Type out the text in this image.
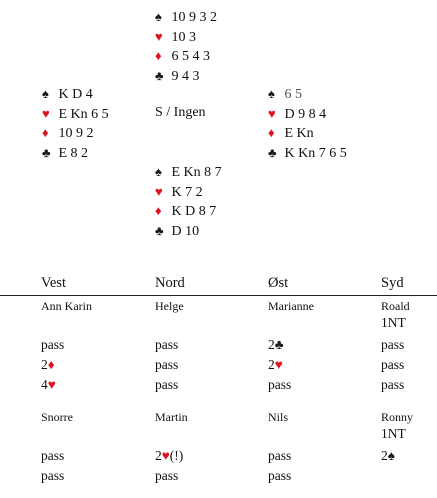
♠ 10 9 3 2
♥ 10 3
♦ 6 5 4 3
♣ 9 4 3
♠ K D 4
♥ E Kn 6 5
♦ 10 9 2
♣ E 8 2
S / Ingen
♠ 6 5
♥ D 9 8 4
♦ E Kn
♣ K Kn 7 6 5
♠ E Kn 8 7
♥ K 7 2
♦ K D 8 7
♣ D 10
Vest	Nord	Øst	Syd
Ann Karin	Helge	Marianne	Roald
1NT
pass	pass	2♣	pass
2♦	pass	2♥	pass
4♥	pass	pass	pass
Snorre	Martin	Nils	Ronny
1NT
pass	2♥(!)	pass	2♠
pass	pass	pass
